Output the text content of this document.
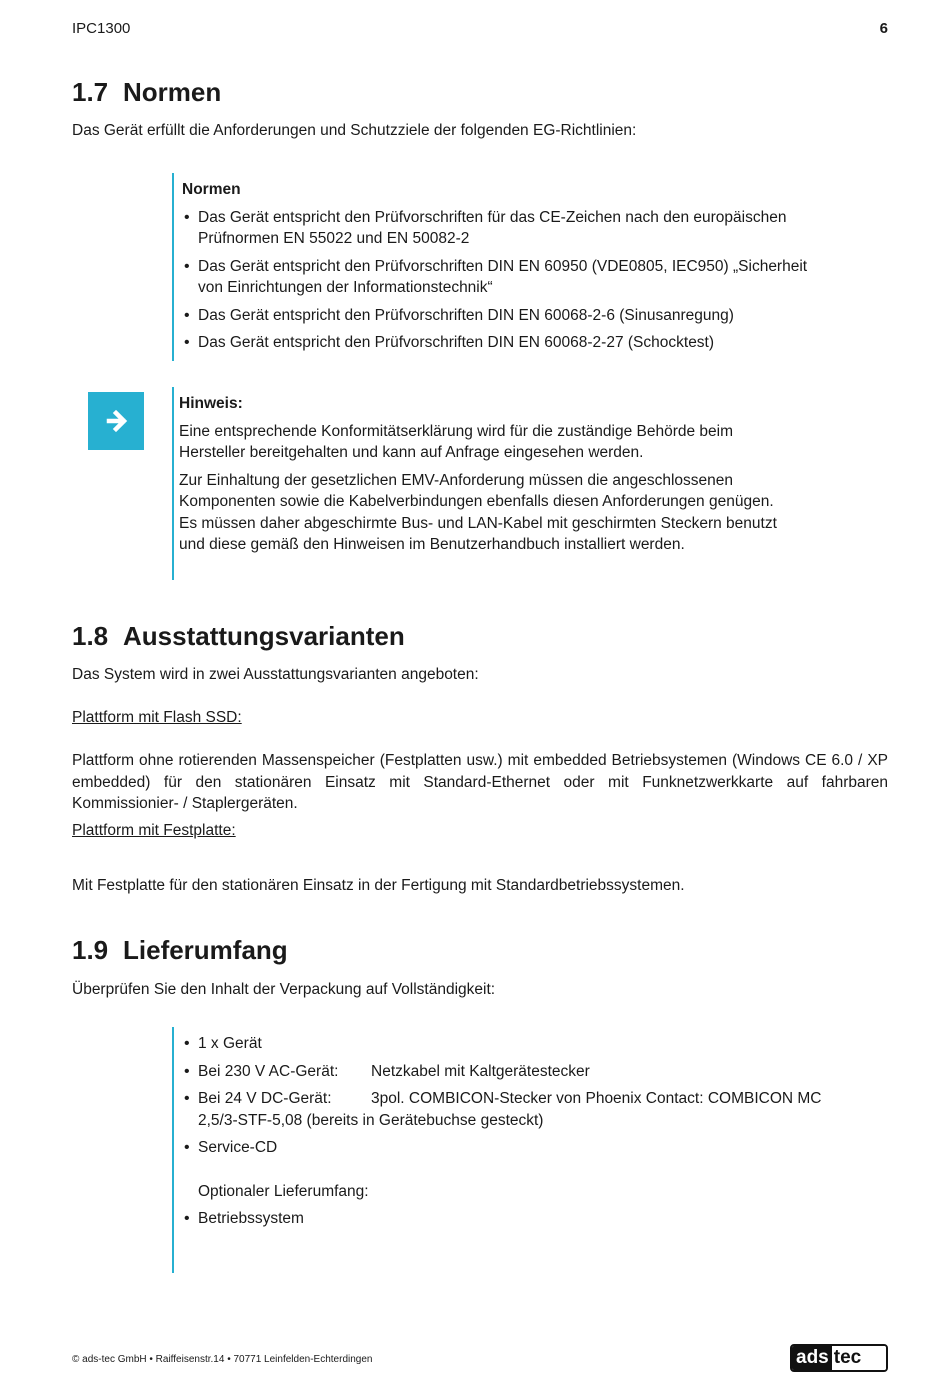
IPC1300	6
1.7 Normen
Das Gerät erfüllt die Anforderungen und Schutzziele der folgenden EG-Richtlinien:
Normen
• Das Gerät entspricht den Prüfvorschriften für das CE-Zeichen nach den europäischen Prüfnormen EN 55022 und EN 50082-2
• Das Gerät entspricht den Prüfvorschriften DIN EN 60950 (VDE0805, IEC950) „Sicherheit von Einrichtungen der Informationstechnik“
• Das Gerät entspricht den Prüfvorschriften DIN EN 60068-2-6 (Sinusanregung)
• Das Gerät entspricht den Prüfvorschriften DIN EN 60068-2-27 (Schocktest)

Hinweis:

Eine entsprechende Konformitätserklärung wird für die zuständige Behörde beim Hersteller bereitgehalten und kann auf Anfrage eingesehen werden.

Zur Einhaltung der gesetzlichen EMV-Anforderung müssen die angeschlossenen Komponenten sowie die Kabelverbindungen ebenfalls diesen Anforderungen genügen. Es müssen daher abgeschirmte Bus- und LAN-Kabel mit geschirmten Steckern benutzt und diese gemäß den Hinweisen im Benutzerhandbuch installiert werden.

1.8 Ausstattungsvarianten
Das System wird in zwei Ausstattungsvarianten angeboten:
Plattform mit Flash SSD:
Plattform ohne rotierenden Massenspeicher (Festplatten usw.) mit embedded Betriebsystemen (Windows CE 6.0 / XP embedded) für den stationären Einsatz mit Standard-Ethernet oder mit Funknetzwerkkarte auf fahrbaren Kommissionier- / Staplergeräten.
Plattform mit Festplatte:
Mit Festplatte für den stationären Einsatz in der Fertigung mit Standardbetriebssystemen.
1.9 Lieferumfang
Überprüfen Sie den Inhalt der Verpackung auf Vollständigkeit:
• 1 x Gerät
• Bei 230 V AC-Gerät: Netzkabel mit Kaltgerätestecker
• Bei 24 V DC-Gerät:	3pol. COMBICON-Stecker von Phoenix Contact: COMBICON MC
2,5/3-STF-5,08 (bereits in Gerätebuchse gesteckt)
• Service-CD
Optionaler Lieferumfang:
• Betriebssystem
© ads-tec GmbH • Raiffeisenstr.14 • 70771 Leinfelden-Echterdingen	ads tec
